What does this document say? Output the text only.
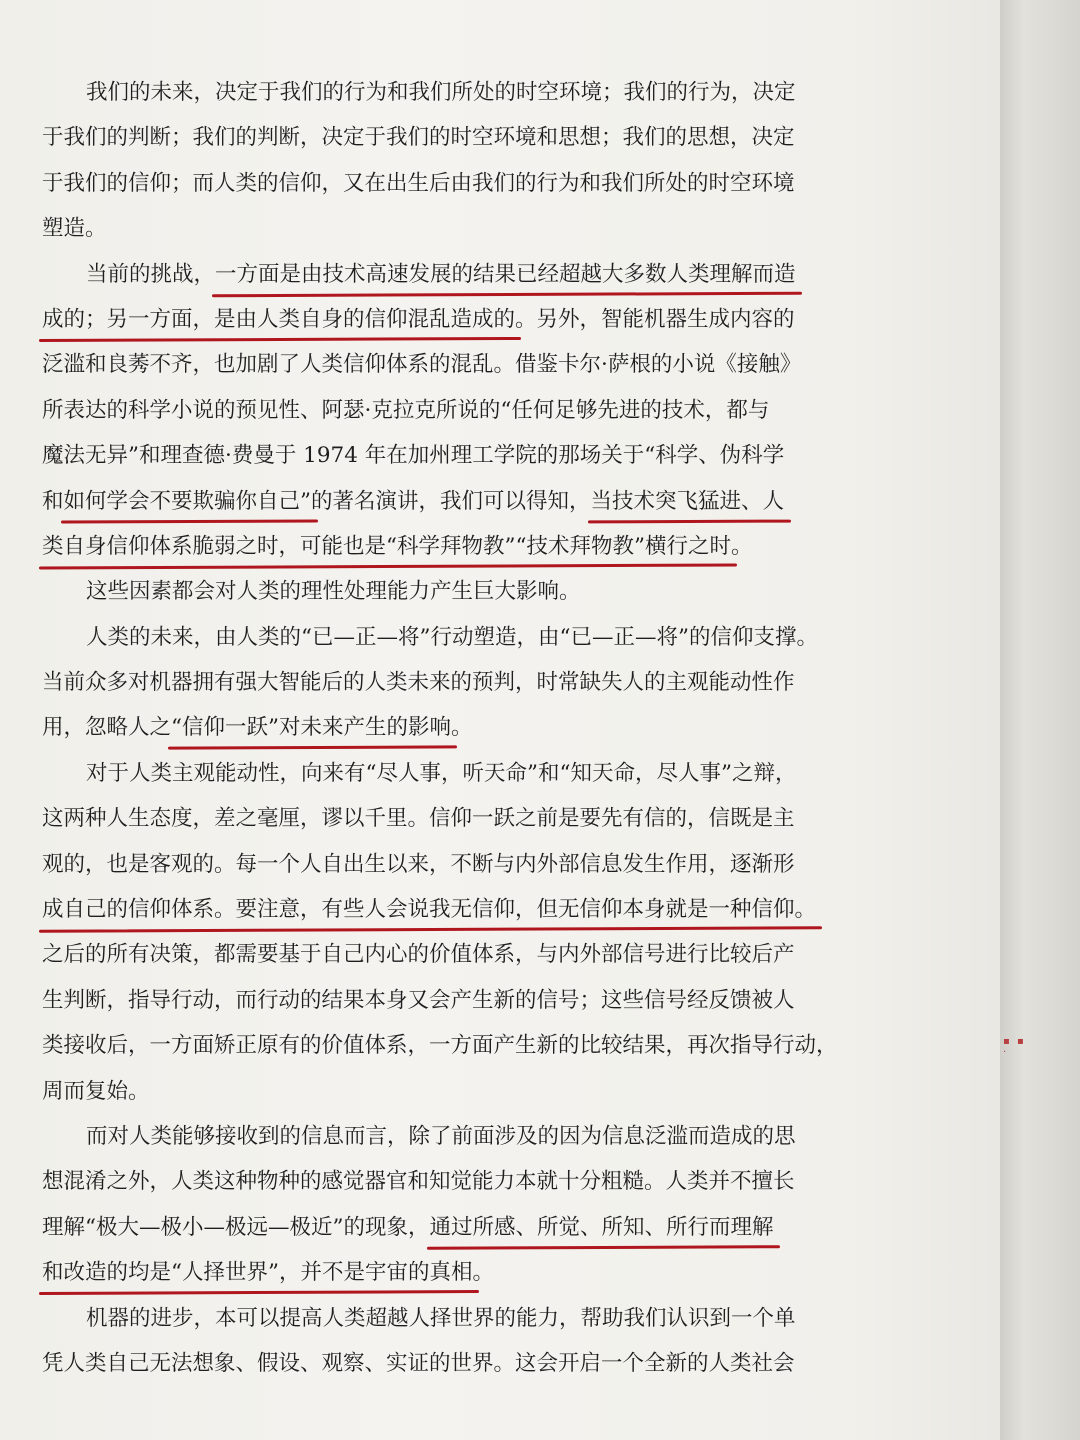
我们的未来，决定于我们的行为和我们所处的时空环境；我们的行为，决定
于我们的判断；我们的判断，决定于我们的时空环境和思想；我们的思想，决定
于我们的信仰；而人类的信仰，又在出生后由我们的行为和我们所处的时空环境
塑造。
当前的挑战，一方面是由技术高速发展的结果已经超越大多数人类理解而造
成的；另一方面，是由人类自身的信仰混乱造成的。另外，智能机器生成内容的
泛滥和良莠不齐，也加剧了人类信仰体系的混乱。借鉴卡尔·萨根的小说《接触》
所表达的科学小说的预见性、阿瑟·克拉克所说的“任何足够先进的技术，都与
魔法无异”和理查德·费曼于 1974 年在加州理工学院的那场关于“科学、伪科学
和如何学会不要欺骗你自己”的著名演讲，我们可以得知，当技术突飞猛进、人
类自身信仰体系脆弱之时，可能也是“科学拜物教”“技术拜物教”横行之时。
这些因素都会对人类的理性处理能力产生巨大影响。
人类的未来，由人类的“已—正—将”行动塑造，由“已—正—将”的信仰支撑。
当前众多对机器拥有强大智能后的人类未来的预判，时常缺失人的主观能动性作
用，忽略人之“信仰一跃”对未来产生的影响。
对于人类主观能动性，向来有“尽人事，听天命”和“知天命，尽人事”之辩，
这两种人生态度，差之毫厘，谬以千里。信仰一跃之前是要先有信的，信既是主
观的，也是客观的。每一个人自出生以来，不断与内外部信息发生作用，逐渐形
成自己的信仰体系。要注意，有些人会说我无信仰，但无信仰本身就是一种信仰。
之后的所有决策，都需要基于自己内心的价值体系，与内外部信号进行比较后产
生判断，指导行动，而行动的结果本身又会产生新的信号；这些信号经反馈被人
类接收后，一方面矫正原有的价值体系，一方面产生新的比较结果，再次指导行动，
周而复始。
而对人类能够接收到的信息而言，除了前面涉及的因为信息泛滥而造成的思
想混淆之外，人类这种物种的感觉器官和知觉能力本就十分粗糙。人类并不擅长
理解“极大—极小—极远—极近”的现象，通过所感、所觉、所知、所行而理解
和改造的均是“人择世界”，并不是宇宙的真相。
机器的进步，本可以提高人类超越人择世界的能力，帮助我们认识到一个单
凭人类自己无法想象、假设、观察、实证的世界。这会开启一个全新的人类社会
▪ ▪ ·
